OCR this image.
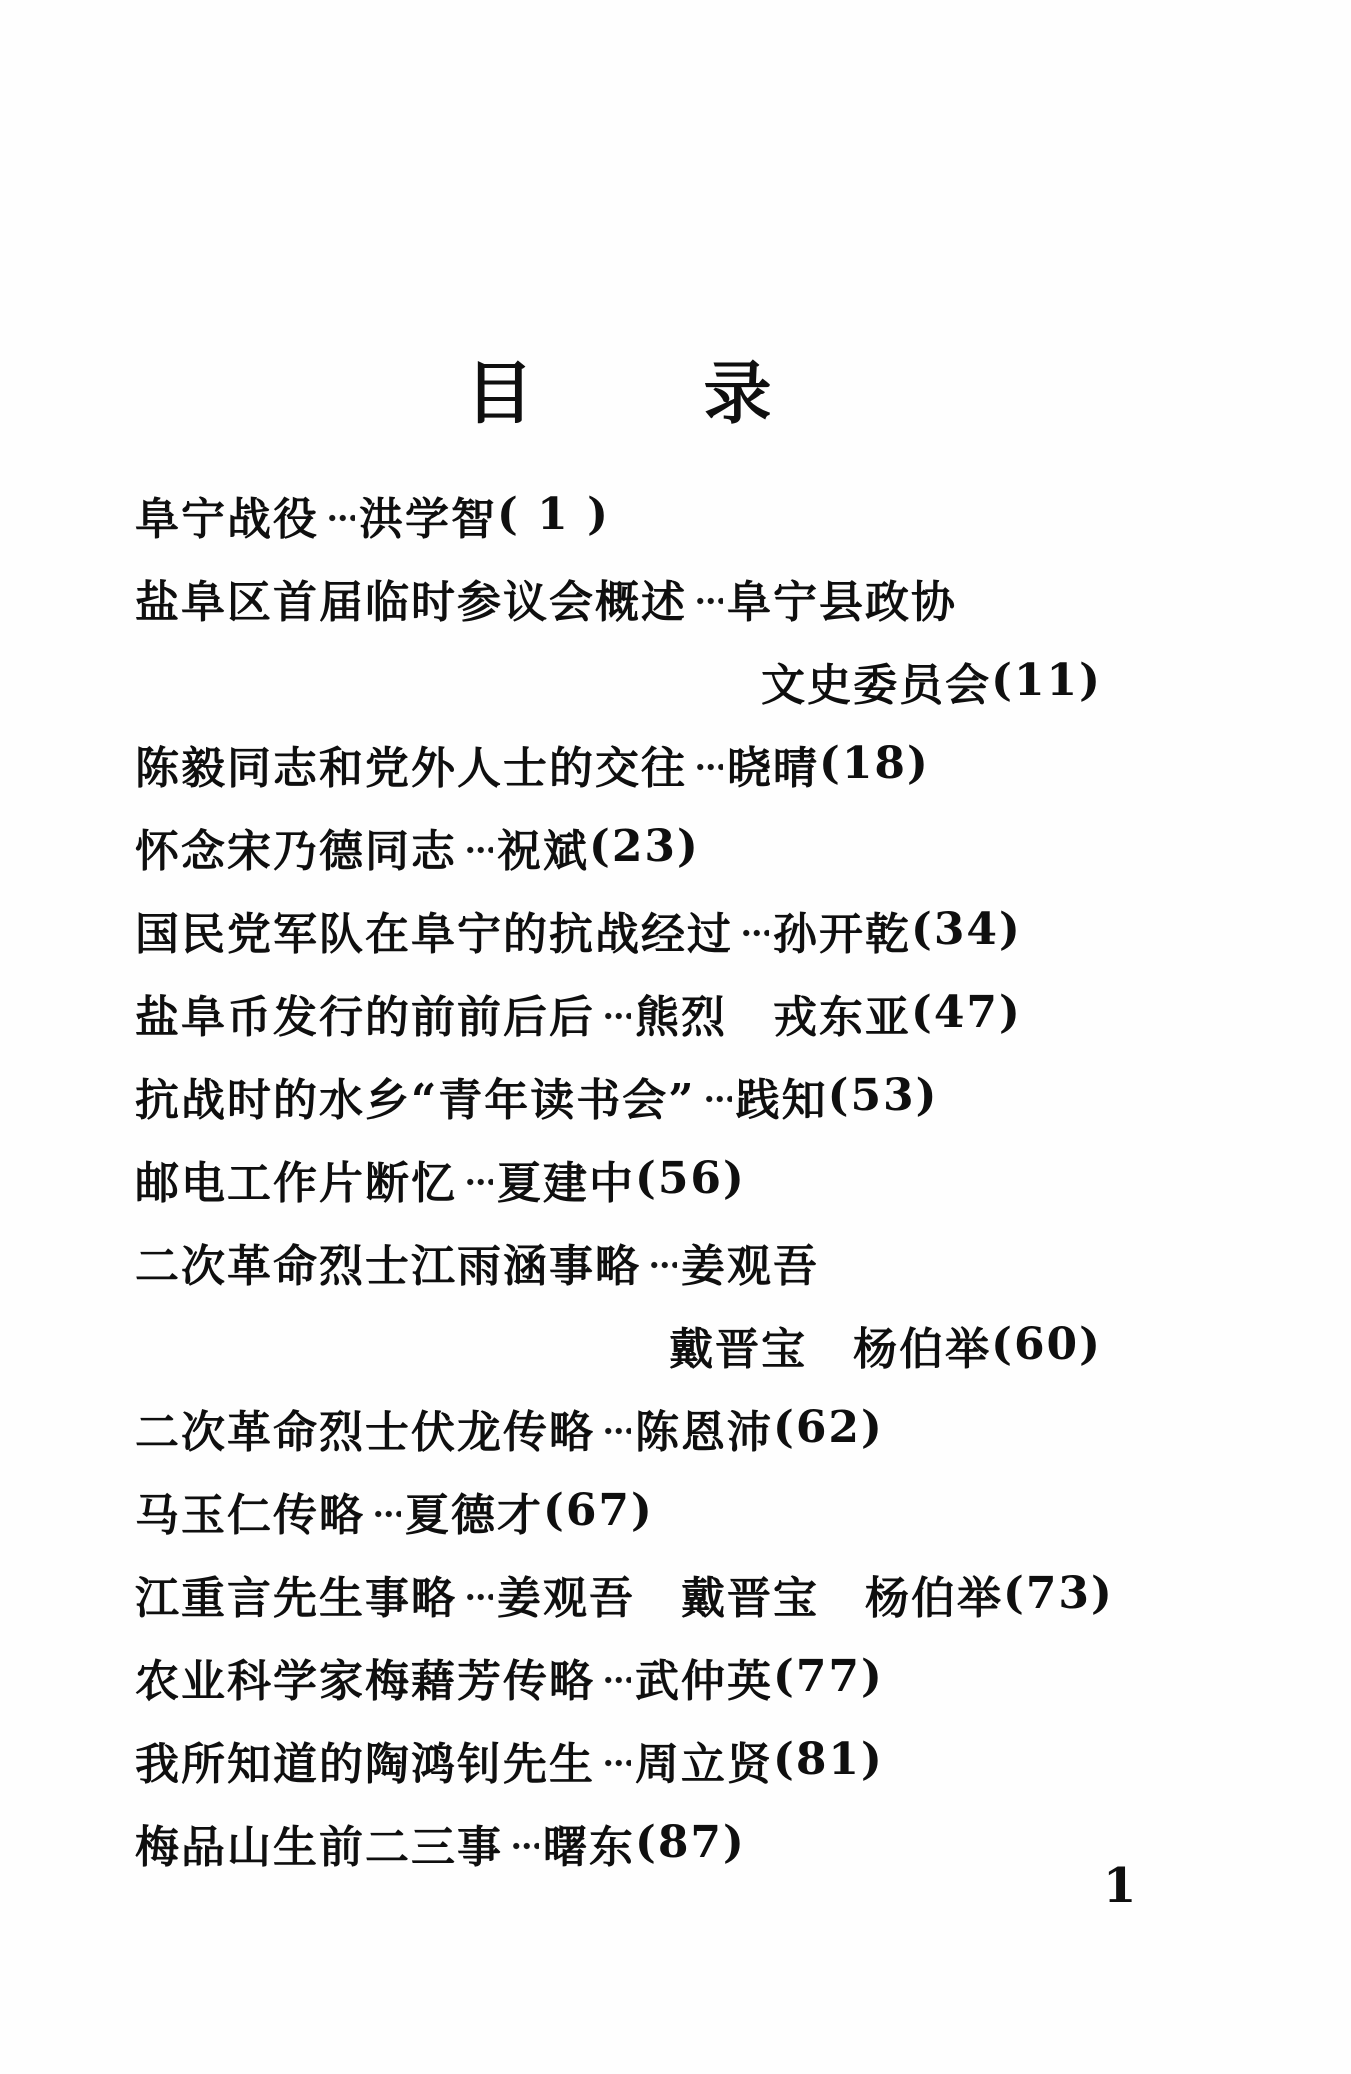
目	录
阜宁战役 洪学智 ( 1 )
盐阜区首届临时参议会概述 阜宁县政协
文史委员会 (11)
陈毅同志和党外人士的交往 晓晴 (18)
怀念宋乃德同志 祝斌 (23)
国民党军队在阜宁的抗战经过 孙开乾 (34)
盐阜币发行的前前后后 熊烈　戎东亚 (47)
抗战时的水乡“青年读书会” 践知 (53)
邮电工作片断忆 夏建中 (56)
二次革命烈士江雨涵事略 姜观吾
戴晋宝　杨伯举 (60)
二次革命烈士伏龙传略 陈恩沛 (62)
马玉仁传略 夏德才 (67)
江重言先生事略 姜观吾　戴晋宝　杨伯举 (73)
农业科学家梅藉芳传略 武仲英 (77)
我所知道的陶鸿钊先生 周立贤 (81)
梅品山生前二三事 曙东 (87)
1
